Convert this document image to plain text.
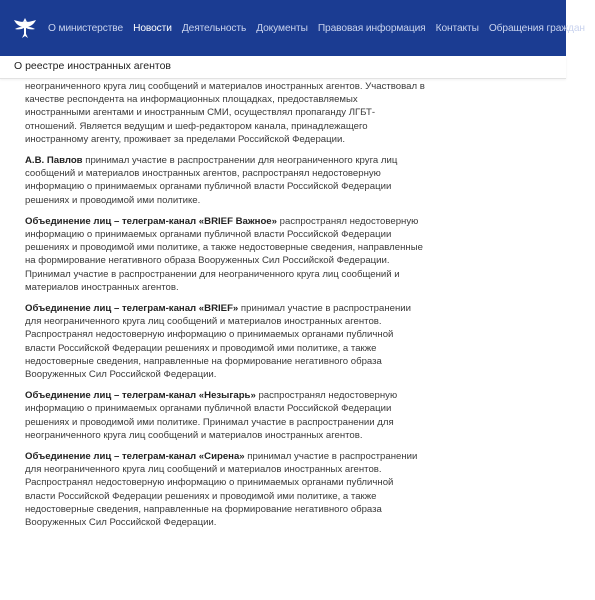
О министерстве Новости Деятельность Документы Правовая информация Контакты Обращения граждан
О реестре иностранных агентов

неограниченного круга лиц сообщений и материалов иностранных агентов. Участвовал в качестве респондента на информационных площадках, предоставляемых иностранными агентами и иностранным СМИ, осуществлял пропаганду ЛГБТ-отношений. Является ведущим и шеф-редактором канала, принадлежащего иностранному агенту, проживает за пределами Российской Федерации.

А.В. Павлов принимал участие в распространении для неограниченного круга лиц сообщений и материалов иностранных агентов, распространял недостоверную информацию о принимаемых органами публичной власти Российской Федерации решениях и проводимой ими политике.

Объединение лиц – телеграм-канал «BRIEF Важное» распространял недостоверную информацию о принимаемых органами публичной власти Российской Федерации решениях и проводимой ими политике, а также недостоверные сведения, направленные на формирование негативного образа Вооруженных Сил Российской Федерации. Принимал участие в распространении для неограниченного круга лиц сообщений и материалов иностранных агентов.

Объединение лиц – телеграм-канал «BRIEF» принимал участие в распространении для неограниченного круга лиц сообщений и материалов иностранных агентов. Распространял недостоверную информацию о принимаемых органами публичной власти Российской Федерации решениях и проводимой ими политике, а также недостоверные сведения, направленные на формирование негативного образа Вооруженных Сил Российской Федерации.

Объединение лиц – телеграм-канал «Незыгарь» распространял недостоверную информацию о принимаемых органами публичной власти Российской Федерации решениях и проводимой ими политике. Принимал участие в распространении для неограниченного круга лиц сообщений и материалов иностранных агентов.

Объединение лиц – телеграм-канал «Сирена» принимал участие в распространении для неограниченного круга лиц сообщений и материалов иностранных агентов. Распространял недостоверную информацию о принимаемых органами публичной власти Российской Федерации решениях и проводимой ими политике, а также недостоверные сведения, направленные на формирование негативного образа Вооруженных Сил Российской Федерации.
